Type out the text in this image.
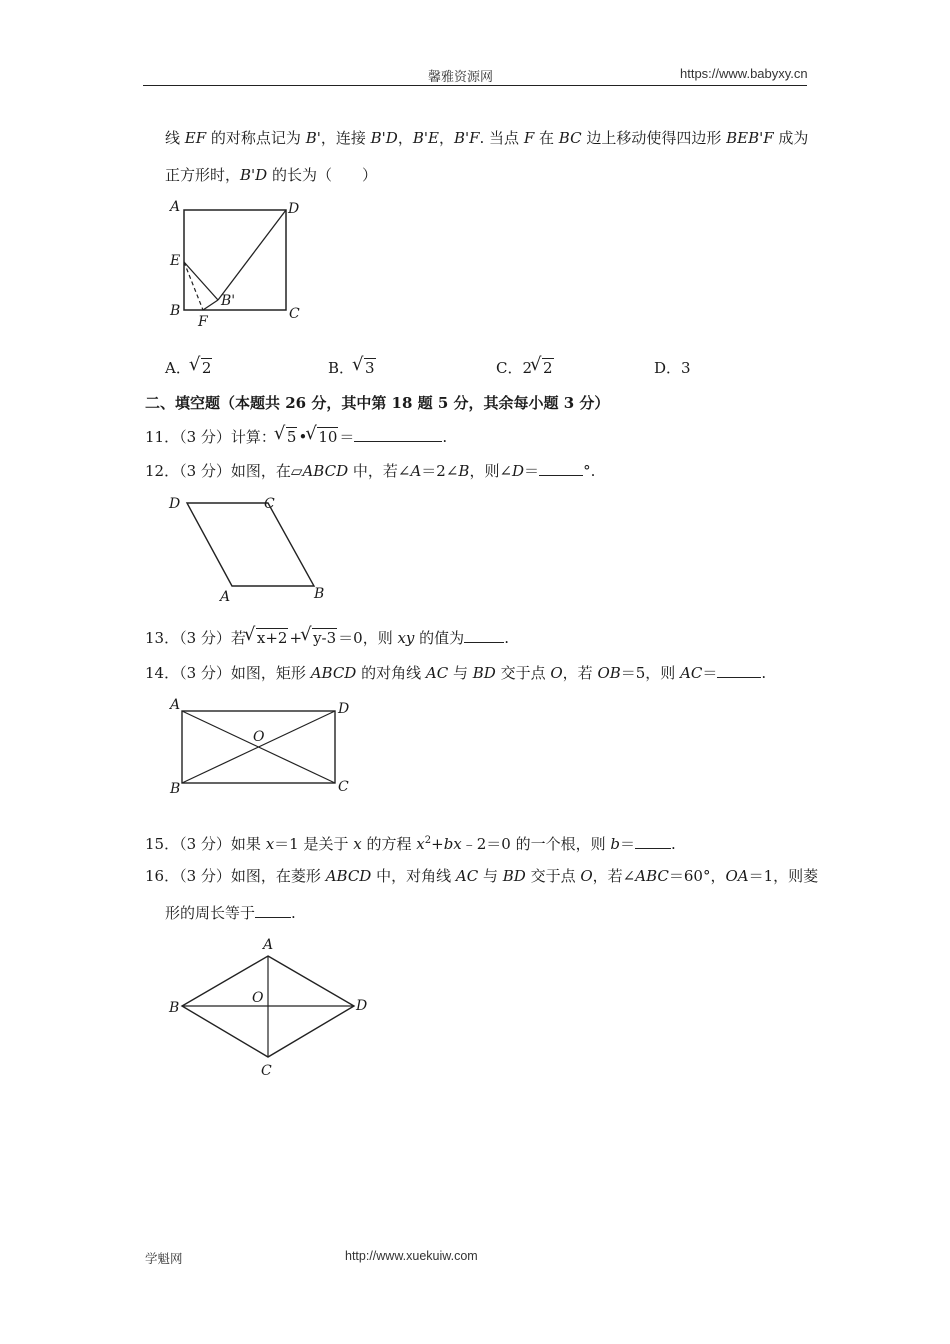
馨雅资源网	https://www.babyxy.cn
线 EF 的对称点记为 B'，连接 B'D，B'E，B'F. 当点 F 在 BC 边上移动使得四边形 BEB'F 成为
正方形时，B'D 的长为（　　）
A	D
E
B
F
B'
C
A． √ 2	B． √ 3	C．2 √ 2	D．3
二、填空题（本题共 26 分，其中第 18 题 5 分，其余每小题 3 分）
11．（3 分）计算： √ 5 • √ 10 ＝	.
12．（3 分）如图，在▱ABCD 中，若∠A＝2∠B，则∠D＝	°.
D	C
A	B
13．（3 分）若 √ x+2 + √ y-3 ＝0，则 xy 的值为	.
14．（3 分）如图，矩形 ABCD 的对角线 AC 与 BD 交于点 O，若 OB＝5，则 AC＝	.
A	D
O
B	C
15．（3 分）如果 x＝1 是关于 x 的方程 $x^2+bx﹣2=0$ 的一个根，则 b＝ .
16．（3 分）如图，在菱形 ABCD 中，对角线 AC 与 BD 交于点 O，若∠ABC＝60°，OA＝1，则菱
形的周长等于 .
A
B
O	D
C
学魁网	http://www.xuekuiw.com
